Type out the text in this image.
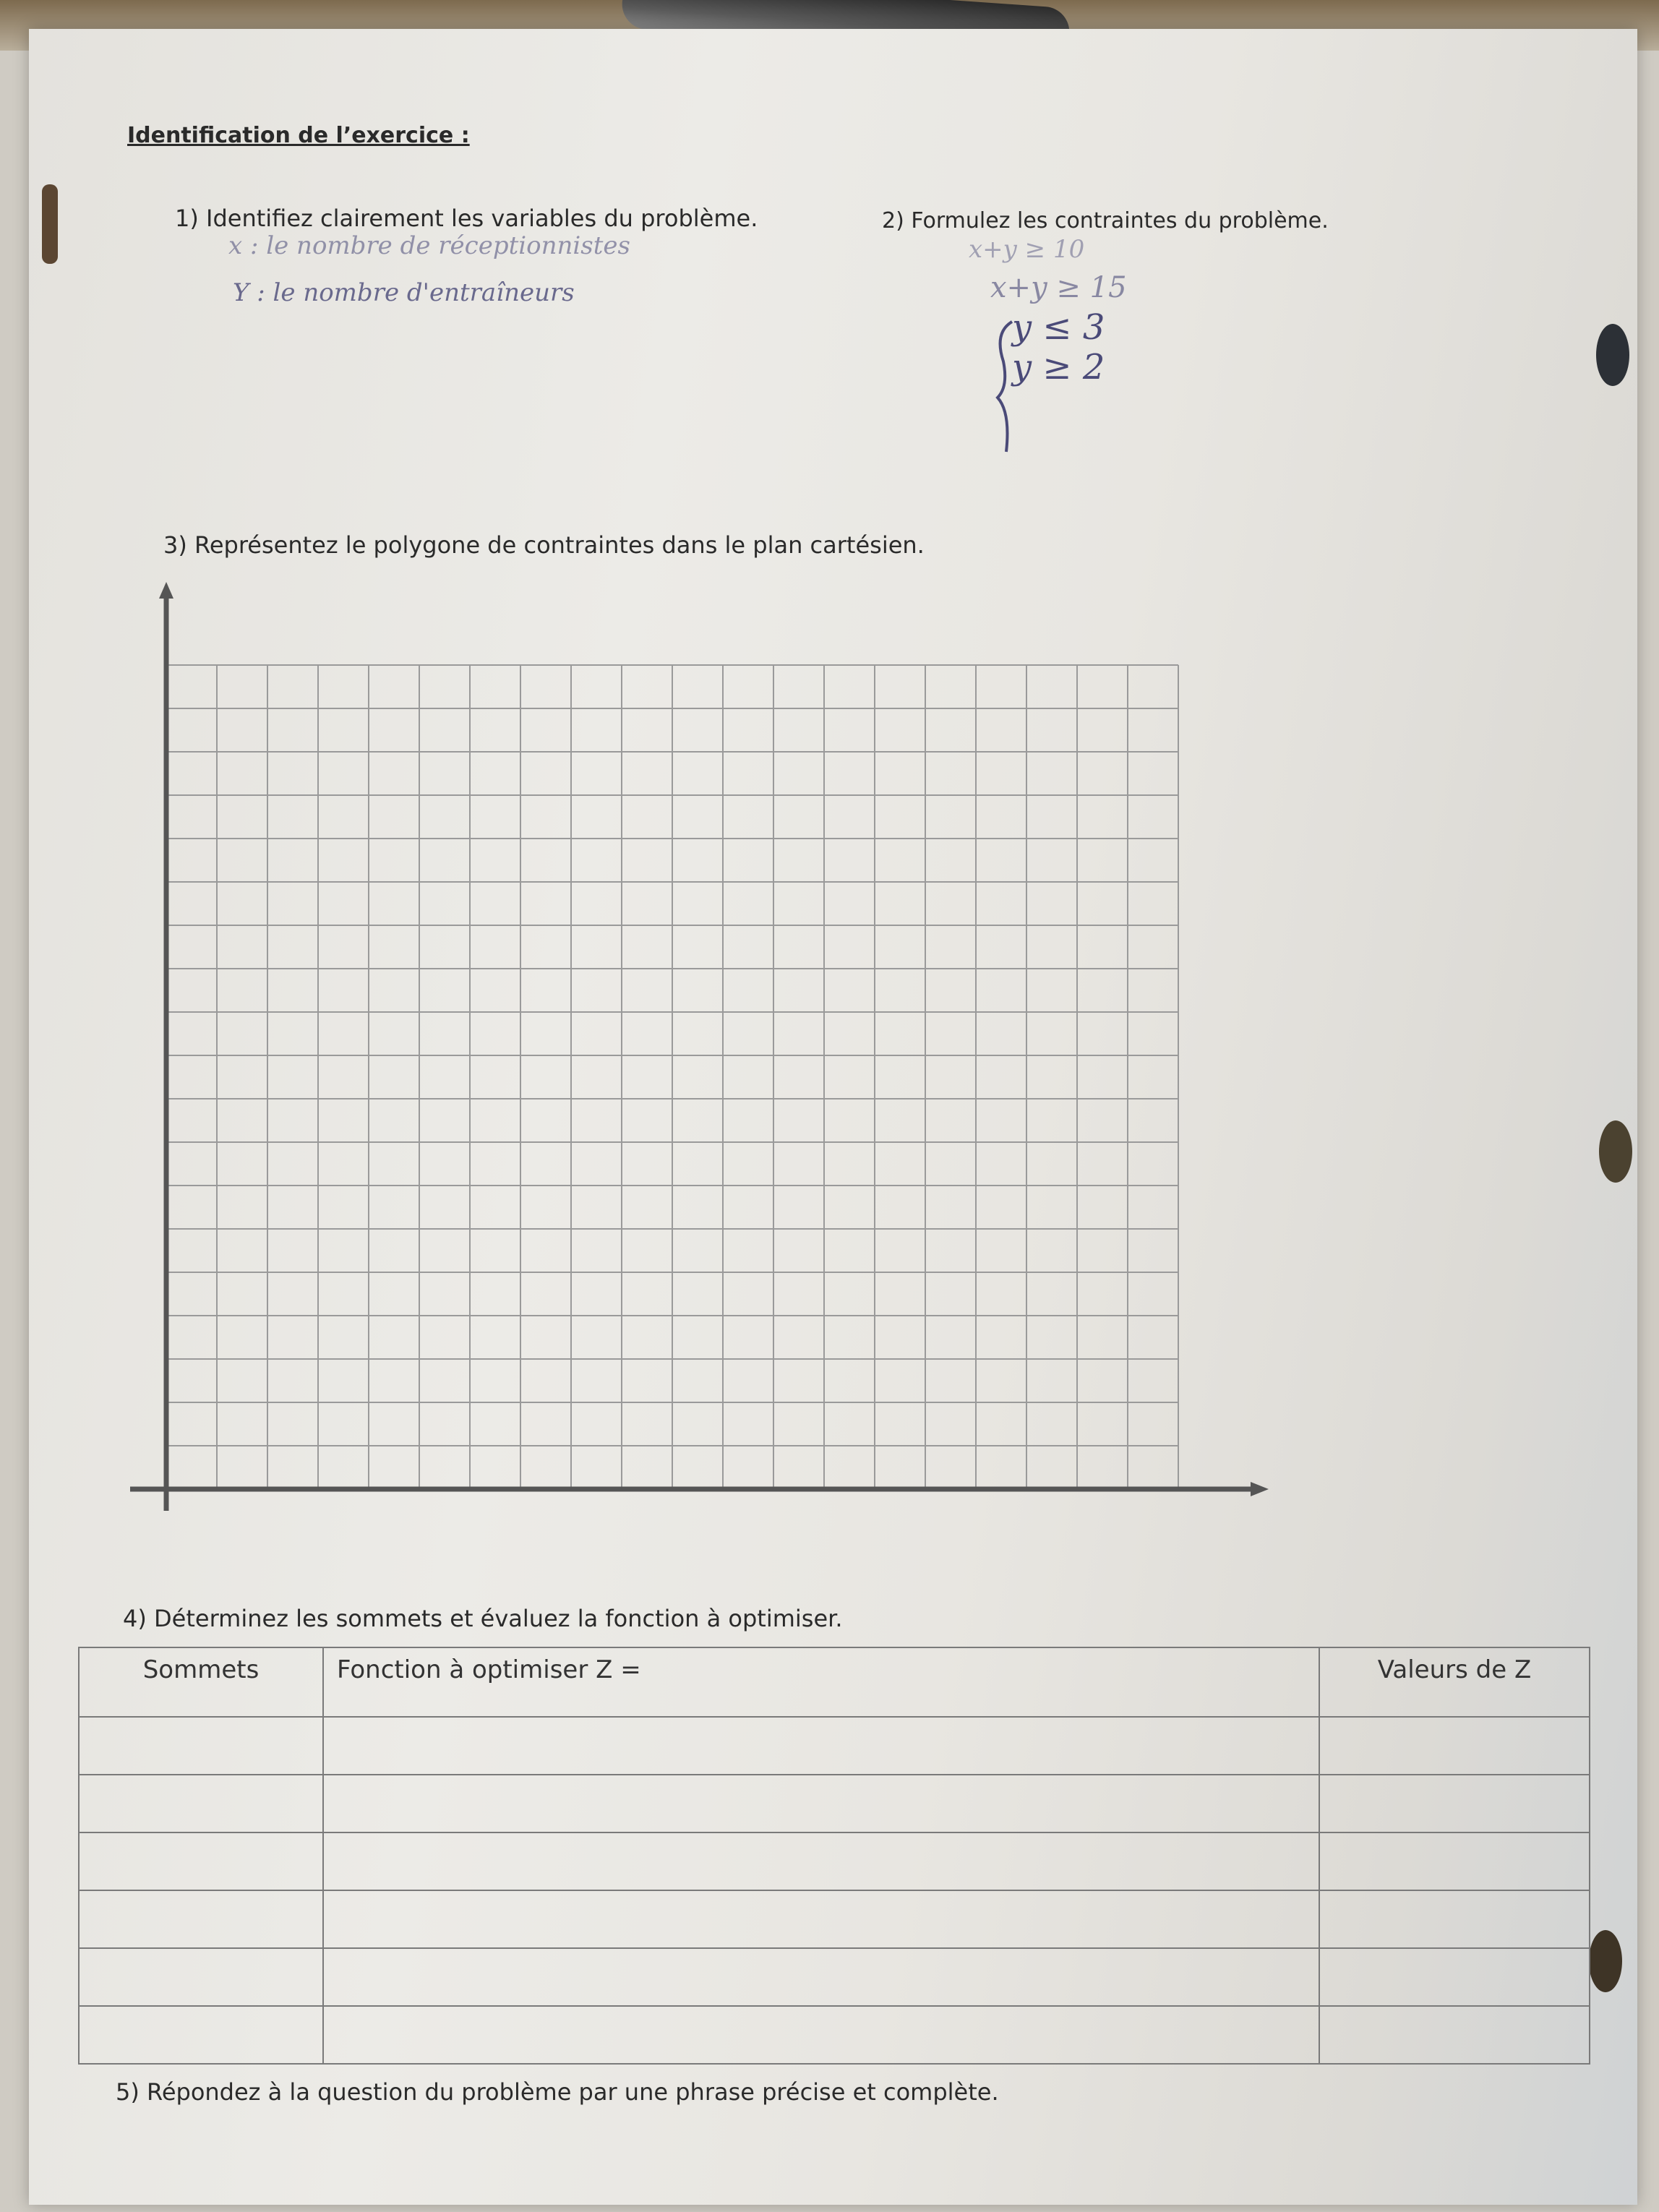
Identification de l’exercice :
1) Identifiez clairement les variables du problème.	2) Formulez les contraintes du problème.
x : le nombre de réceptionnistes
Y : le nombre d'entraîneurs
x+y ≥ 10
x+y ≥ 15
y ≤ 3
y ≥ 2
3) Représentez le polygone de contraintes dans le plan cartésien.
4) Déterminez les sommets et évaluez la fonction à optimiser.
Sommets	Fonction à optimiser Z =	Valeurs de Z

5) Répondez à la question du problème par une phrase précise et complète.
